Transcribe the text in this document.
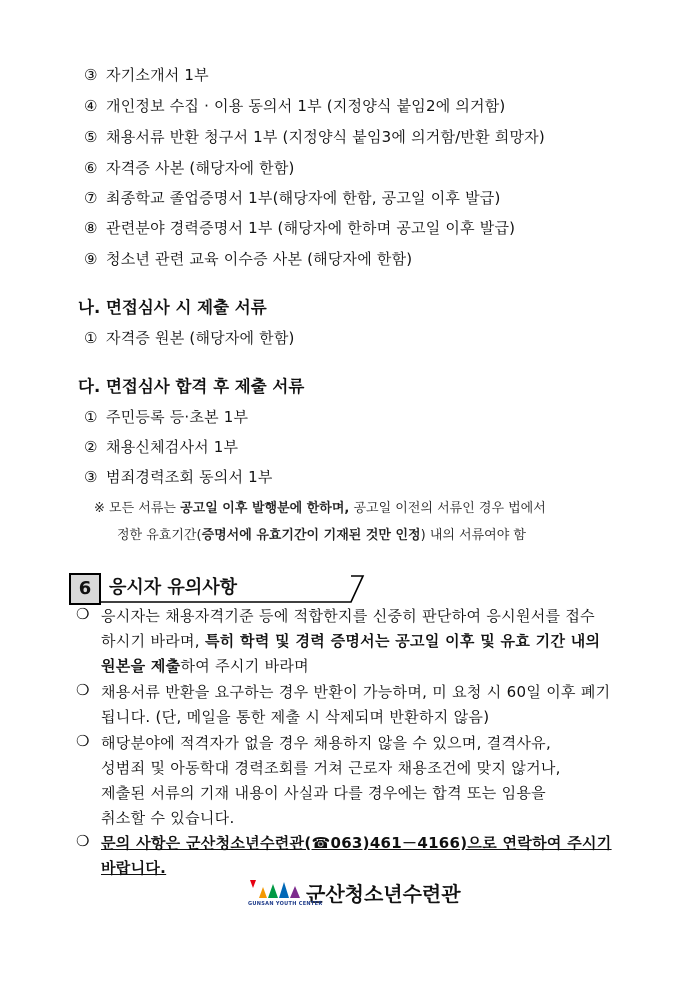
③ 자기소개서 1부
④ 개인정보 수집 · 이용 동의서 1부 (지정양식 붙임2에 의거함)
⑤ 채용서류 반환 청구서 1부 (지정양식 붙임3에 의거함/반환 희망자)
⑥ 자격증 사본 (해당자에 한함)
⑦ 최종학교 졸업증명서 1부(해당자에 한함, 공고일 이후 발급)
⑧ 관련분야 경력증명서 1부 (해당자에 한하며 공고일 이후 발급)
⑨ 청소년 관련 교육 이수증 사본 (해당자에 한함)
나. 면접심사 시 제출 서류
① 자격증 원본 (해당자에 한함)
다. 면접심사 합격 후 제출 서류
① 주민등록 등·초본 1부
② 채용신체검사서 1부
③ 범죄경력조회 동의서 1부
※ 모든 서류는 공고일 이후 발행분에 한하며, 공고일 이전의 서류인 경우 법에서
정한 유효기간(증명서에 유효기간이 기재된 것만 인정) 내의 서류여야 함
6 응시자 유의사항
❍ 응시자는 채용자격기준 등에 적합한지를 신중히 판단하여 응시원서를 접수
하시기 바라며, 특히 학력 및 경력 증명서는 공고일 이후 및 유효 기간 내의
원본을 제출하여 주시기 바라며
❍ 채용서류 반환을 요구하는 경우 반환이 가능하며, 미 요청 시 60일 이후 폐기
됩니다. (단, 메일을 통한 제출 시 삭제되며 반환하지 않음)
❍ 해당분야에 적격자가 없을 경우 채용하지 않을 수 있으며, 결격사유,
성범죄 및 아동학대 경력조회를 거쳐 근로자 채용조건에 맞지 않거나,
제출된 서류의 기재 내용이 사실과 다를 경우에는 합격 또는 임용을
취소할 수 있습니다.
❍ 문의 사항은 군산청소년수련관(☎063)461－4166)으로 연락하여 주시기
바랍니다.
군산청소년수련관
GUNSAN YOUTH CENTER
